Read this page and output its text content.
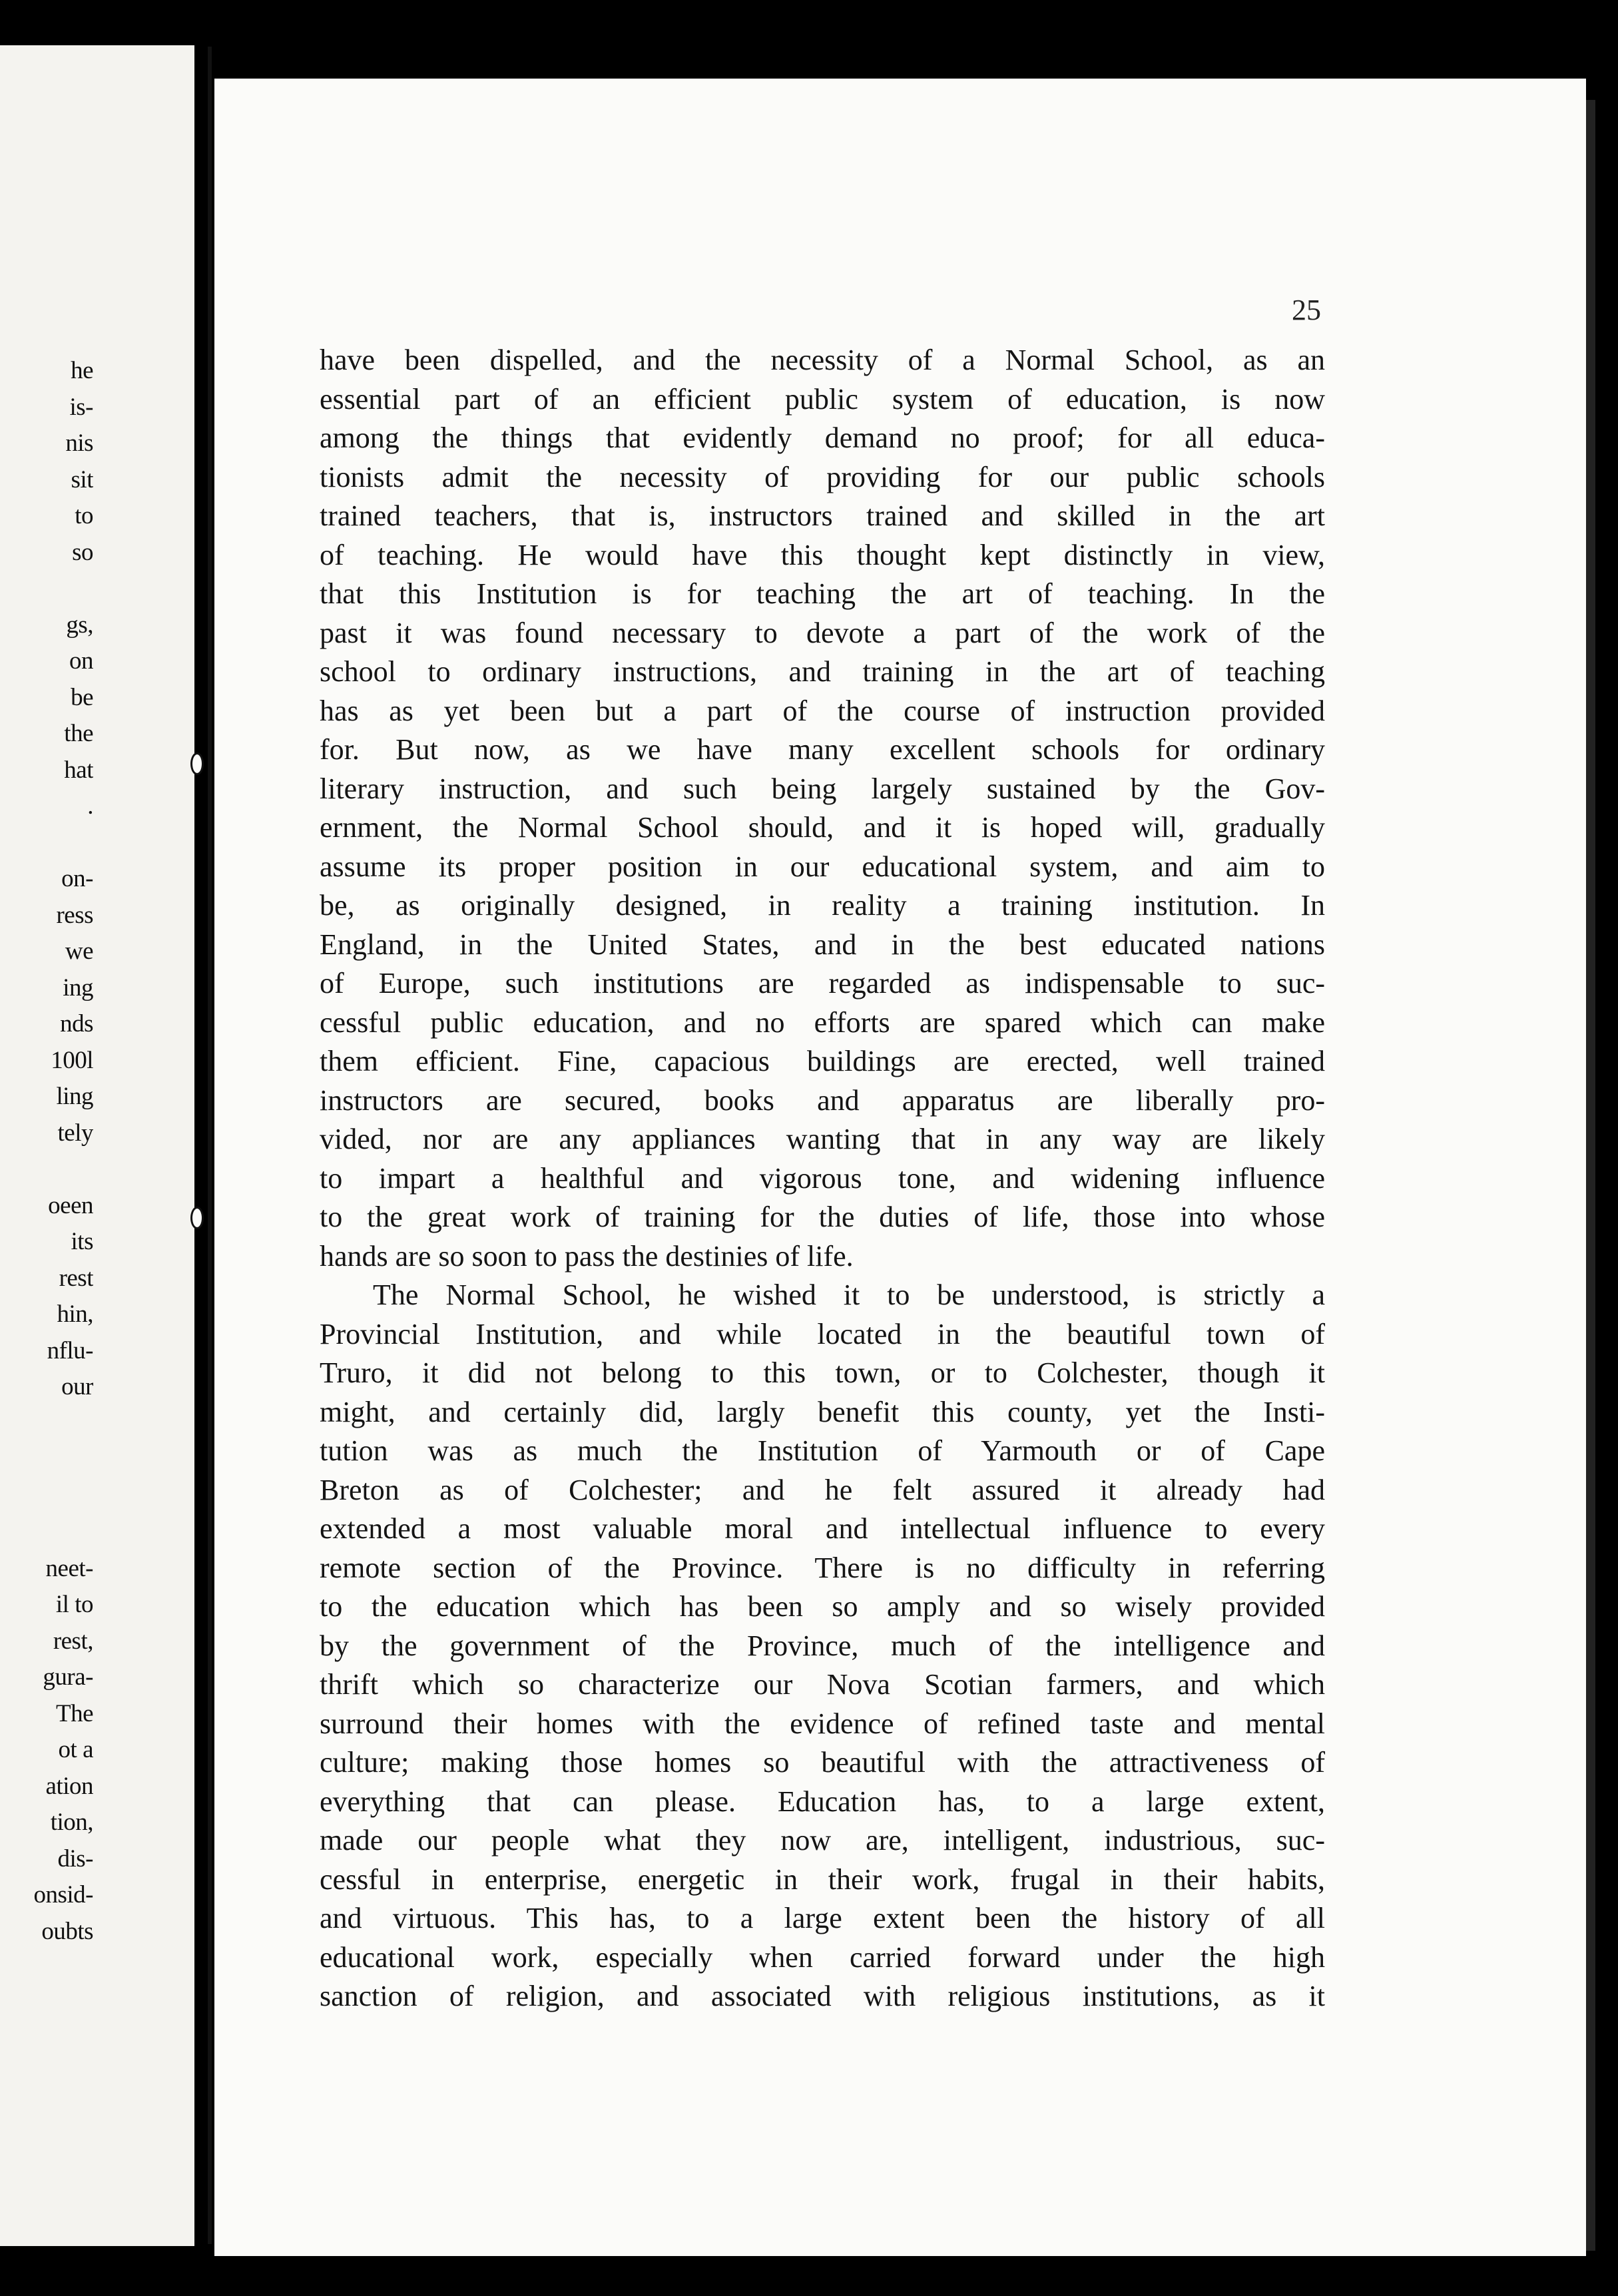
he
is-
nis
sit
to
so
gs,
on
be
the
hat
.
on-
ress
we
ing
nds
100l
ling
tely
oeen
its
rest
hin,
nflu-
our
neet-
il to
rest,
gura-
The
ot a
ation
tion,
dis-
onsid-
oubts
25
have been dispelled, and the necessity of a Normal School, as an
essential part of an efficient public system of education, is now
among the things that evidently demand no proof; for all educa-
tionists admit the necessity of providing for our public schools
trained teachers, that is, instructors trained and skilled in the art
of teaching. He would have this thought kept distinctly in view,
that this Institution is for teaching the art of teaching. In the
past it was found necessary to devote a part of the work of the
school to ordinary instructions, and training in the art of teaching
has as yet been but a part of the course of instruction provided
for. But now, as we have many excellent schools for ordinary
literary instruction, and such being largely sustained by the Gov-
ernment, the Normal School should, and it is hoped will, gradually
assume its proper position in our educational system, and aim to
be, as originally designed, in reality a training institution. In
England, in the United States, and in the best educated nations
of Europe, such institutions are regarded as indispensable to suc-
cessful public education, and no efforts are spared which can make
them efficient. Fine, capacious buildings are erected, well trained
instructors are secured, books and apparatus are liberally pro-
vided, nor are any appliances wanting that in any way are likely
to impart a healthful and vigorous tone, and widening influence
to the great work of training for the duties of life, those into whose
hands are so soon to pass the destinies of life.
The Normal School, he wished it to be understood, is strictly a
Provincial Institution, and while located in the beautiful town of
Truro, it did not belong to this town, or to Colchester, though it
might, and certainly did, largly benefit this county, yet the Insti-
tution was as much the Institution of Yarmouth or of Cape
Breton as of Colchester; and he felt assured it already had
extended a most valuable moral and intellectual influence to every
remote section of the Province. There is no difficulty in referring
to the education which has been so amply and so wisely provided
by the government of the Province, much of the intelligence and
thrift which so characterize our Nova Scotian farmers, and which
surround their homes with the evidence of refined taste and mental
culture; making those homes so beautiful with the attractiveness of
everything that can please. Education has, to a large extent,
made our people what they now are, intelligent, industrious, suc-
cessful in enterprise, energetic in their work, frugal in their habits,
and virtuous. This has, to a large extent been the history of all
educational work, especially when carried forward under the high
sanction of religion, and associated with religious institutions, as it
